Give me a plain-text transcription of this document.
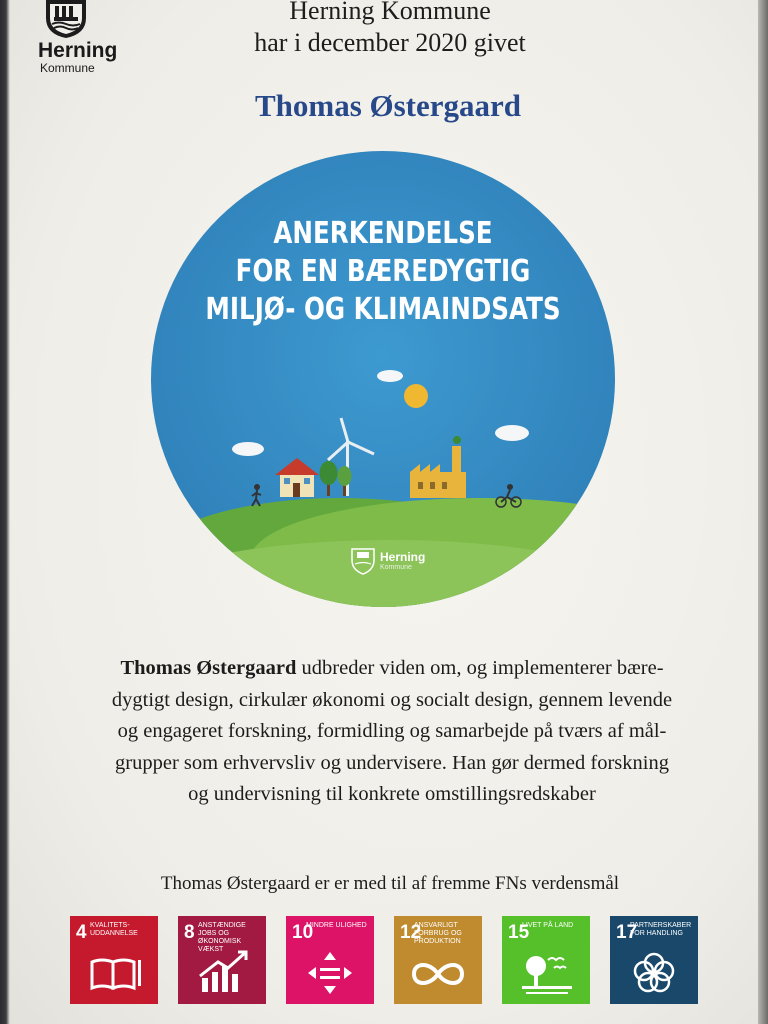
Herning
Kommune
Herning Kommune
har i december 2020 givet
Thomas Østergaard
ANERKENDELSE
FOR EN BÆREDYGTIG
MILJØ- OG KLIMAINDSATS
Herning
Kommune
Thomas Østergaard udbreder viden om, og implementerer bære-
dygtigt design, cirkulær økonomi og socialt design, gennem levende
og engageret forskning, formidling og samarbejde på tværs af mål-
grupper som erhvervsliv og undervisere. Han gør dermed forskning
og undervisning til konkrete omstillingsredskaber
Thomas Østergaard er er med til af fremme FNs verdensmål
4 KVALITETS-UDDANNELSE	8 ANSTÆNDIGE JOBS OG ØKONOMISK VÆKST
10
MINDRE ULIGHED 12
ANSVARLIGT FORBRUG OG PRODUKTION	15
LIVET PÅ LAND	17
PARTNERSKABER FOR HANDLING
